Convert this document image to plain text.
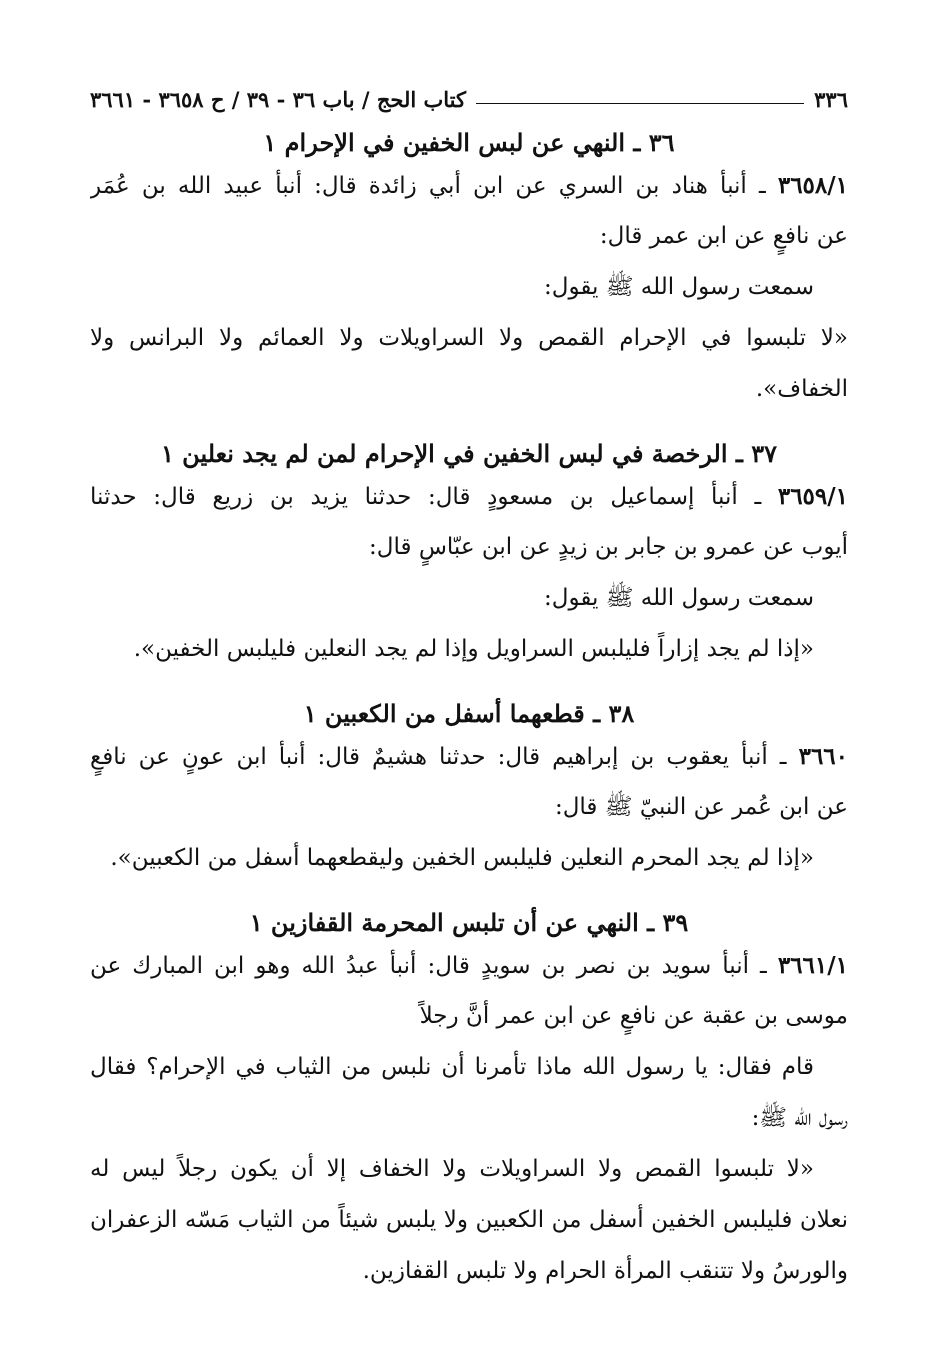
٣٣٦
كتاب الحج / باب ٣٦ - ٣٩ / ح ٣٦٥٨ - ٣٦٦١
٣٦ ـ النهي عن لبس الخفين في الإحرام ١
٣٦٥٨/١ ـ أنبأ هناد بن السري عن ابن أبي زائدة قال: أنبأ عبيد الله بن عُمَر
عن نافعٍ عن ابن عمر قال:
سمعت رسول الله ﷺ يقول:
«لا تلبسوا في الإحرام القمص ولا السراويلات ولا العمائم ولا البرانس ولا
الخفاف».
٣٧ ـ الرخصة في لبس الخفين في الإحرام لمن لم يجد نعلين ١
٣٦٥٩/١ ـ أنبأ إسماعيل بن مسعودٍ قال: حدثنا يزيد بن زريع قال: حدثنا
أيوب عن عمرو بن جابر بن زيدٍ عن ابن عبّاسٍ قال:
سمعت رسول الله ﷺ يقول:
«إذا لم يجد إزاراً فليلبس السراويل وإذا لم يجد النعلين فليلبس الخفين».
٣٨ ـ قطعهما أسفل من الكعبين ١
٣٦٦٠ ـ أنبأ يعقوب بن إبراهيم قال: حدثنا هشيمٌ قال: أنبأ ابن عونٍ عن نافعٍ
عن ابن عُمر عن النبيّ ﷺ قال:
«إذا لم يجد المحرم النعلين فليلبس الخفين وليقطعهما أسفل من الكعبين».
٣٩ ـ النهي عن أن تلبس المحرمة القفازين ١
٣٦٦١/١ ـ أنبأ سويد بن نصر بن سويدٍ قال: أنبأ عبدُ الله وهو ابن المبارك عن
موسى بن عقبة عن نافعٍ عن ابن عمر أنَّ رجلاً
قام فقال: يا رسول الله ماذا تأمرنا أن نلبس من الثياب في الإحرام؟ فقال
رسول الله ﷺ:
«لا تلبسوا القمص ولا السراويلات ولا الخفاف إلا أن يكون رجلاً ليس له
نعلان فليلبس الخفين أسفل من الكعبين ولا يلبس شيئاً من الثياب مَسّه الزعفران
والورسُ ولا تتنقب المرأة الحرام ولا تلبس القفازين.
